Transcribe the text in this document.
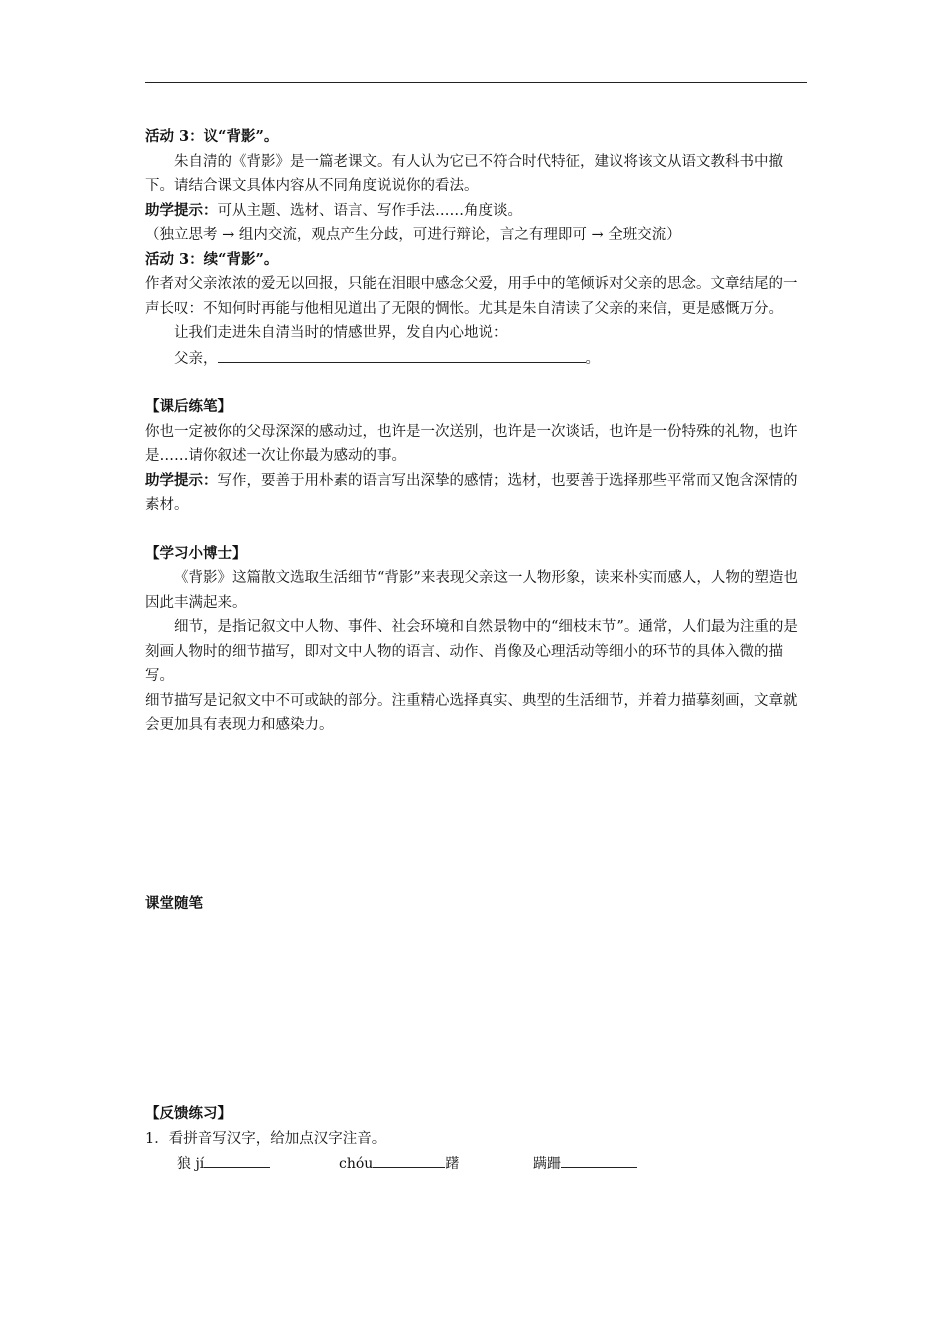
活动 3：议“背影”。

朱自清的《背影》是一篇老课文。有人认为它已不符合时代特征，建议将该文从语文教科书中撤下。请结合课文具体内容从不同角度说说你的看法。

助学提示：可从主题、选材、语言、写作手法……角度谈。

（独立思考 → 组内交流，观点产生分歧，可进行辩论，言之有理即可 → 全班交流）

活动 3：续“背影”。

作者对父亲浓浓的爱无以回报，只能在泪眼中感念父爱，用手中的笔倾诉对父亲的思念。文章结尾的一声长叹：不知何时再能与他相见道出了无限的惆怅。尤其是朱自清读了父亲的来信，更是感慨万分。

让我们走进朱自清当时的情感世界，发自内心地说：

父亲，	。

【课后练笔】

你也一定被你的父母深深的感动过，也许是一次送别，也许是一次谈话，也许是一份特殊的礼物，也许是……请你叙述一次让你最为感动的事。

助学提示：写作，要善于用朴素的语言写出深挚的感情；选材，也要善于选择那些平常而又饱含深情的素材。

【学习小博士】

《背影》这篇散文选取生活细节“背影”来表现父亲这一人物形象，读来朴实而感人，人物的塑造也因此丰满起来。

细节，是指记叙文中人物、事件、社会环境和自然景物中的“细枝末节”。通常，人们最为注重的是刻画人物时的细节描写，即对文中人物的语言、动作、肖像及心理活动等细小的环节的具体入微的描写。

细节描写是记叙文中不可或缺的部分。注重精心选择真实、典型的生活细节，并着力描摹刻画，文章就会更加具有表现力和感染力。

课堂随笔

【反馈练习】

1．看拼音写汉字，给加点汉字注音。

狼 jí	chóu	躇	蹒跚
